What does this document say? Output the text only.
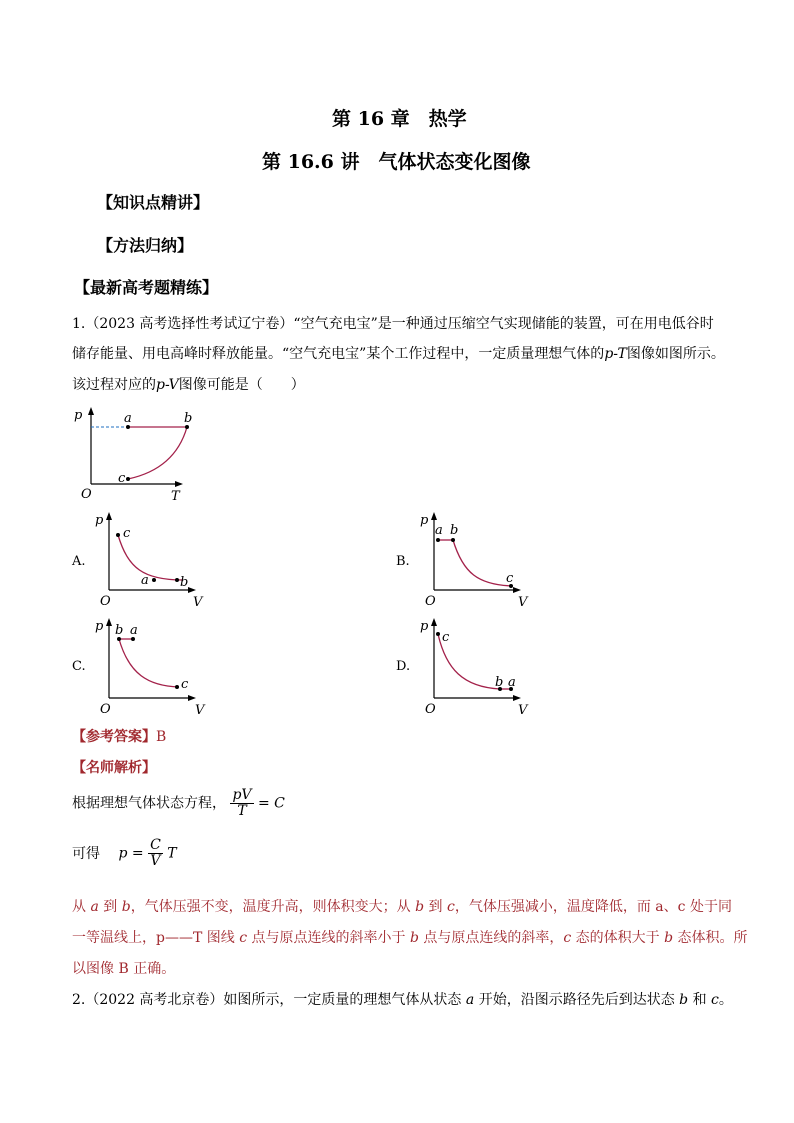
第 16 章　热学
第 16.6 讲　气体状态变化图像
【知识点精讲】
【方法归纳】
【最新高考题精练】
1.（2023 高考选择性考试辽宁卷）“空气充电宝”是一种通过压缩空气实现储能的装置，可在用电低谷时
储存能量、用电高峰时释放能量。“空气充电宝”某个工作过程中，一定质量理想气体的p-T图像如图所示。
该过程对应的p-V图像可能是（　　）
p
T
O
a	b
c
A.
p
V
O
c
a b
B.
p
V
O
a b
c
C.
p
V
O
b a
c
D.
p
V
O
c
b a
【参考答案】B
【名师解析】
根据理想气体状态方程， $\frac{pV}{T} = C$
可得 $p = \frac{C}{V}$ T
从 a 到 b，气体压强不变，温度升高，则体积变大；从 b 到 c，气体压强减小，温度降低，而 a、c 处于同
一等温线上，p——T 图线 c 点与原点连线的斜率小于 b 点与原点连线的斜率，c 态的体积大于 b 态体积。所
以图像 B 正确。
2.（2022 高考北京卷）如图所示，一定质量的理想气体从状态 a 开始，沿图示路径先后到达状态 b 和 c。
